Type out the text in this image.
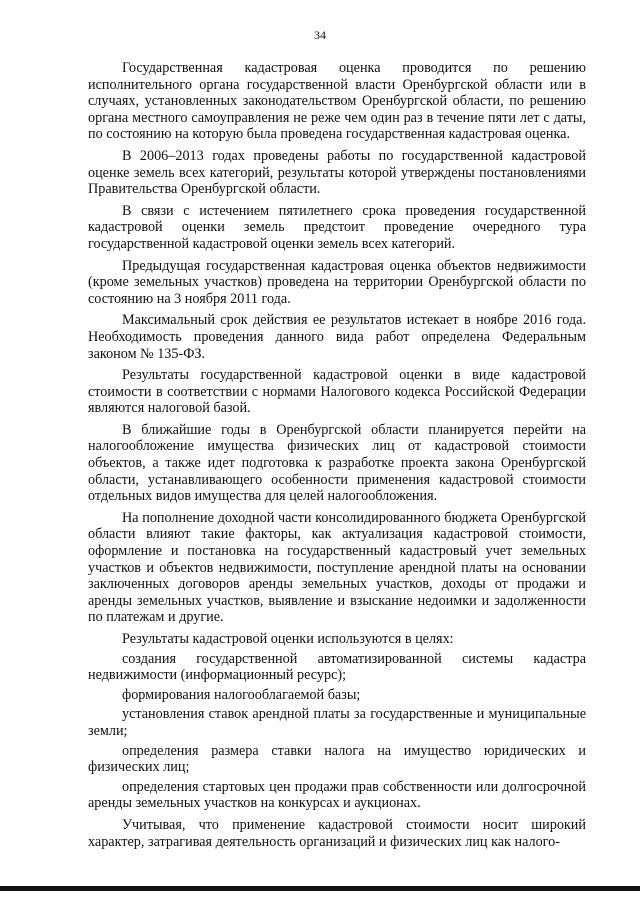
34

Государственная кадастровая оценка проводится по решению исполнительного органа государственной власти Оренбургской области или в случаях, установленных законодательством Оренбургской области, по решению органа местного самоуправления не реже чем один раз в течение пяти лет с даты, по состоянию на которую была проведена государственная кадастровая оценка.

В 2006–2013 годах проведены работы по государственной кадастровой оценке земель всех категорий, результаты которой утверждены постановлениями Правительства Оренбургской области.

В связи с истечением пятилетнего срока проведения государственной кадастровой оценки земель предстоит проведение очередного тура государственной кадастровой оценки земель всех категорий.

Предыдущая государственная кадастровая оценка объектов недвижимости (кроме земельных участков) проведена на территории Оренбургской области по состоянию на 3 ноября 2011 года.

Максимальный срок действия ее результатов истекает в ноябре 2016 года. Необходимость проведения данного вида работ определена Федеральным законом № 135-ФЗ.

Результаты государственной кадастровой оценки в виде кадастровой стоимости в соответствии с нормами Налогового кодекса Российской Федерации являются налоговой базой.

В ближайшие годы в Оренбургской области планируется перейти на налогообложение имущества физических лиц от кадастровой стоимости объектов, а также идет подготовка к разработке проекта закона Оренбургской области, устанавливающего особенности применения кадастровой стоимости отдельных видов имущества для целей налогообложения.

На пополнение доходной части консолидированного бюджета Оренбургской области влияют такие факторы, как актуализация кадастровой стоимости, оформление и постановка на государственный кадастровый учет земельных участков и объектов недвижимости, поступление арендной платы на основании заключенных договоров аренды земельных участков, доходы от продажи и аренды земельных участков, выявление и взыскание недоимки и задолженности по платежам и другие.

Результаты кадастровой оценки используются в целях:

создания государственной автоматизированной системы кадастра недвижимости (информационный ресурс);

формирования налогооблагаемой базы;

установления ставок арендной платы за государственные и муниципальные земли;

определения размера ставки налога на имущество юридических и физических лиц;

определения стартовых цен продажи прав собственности или долгосрочной аренды земельных участков на конкурсах и аукционах.

Учитывая, что применение кадастровой стоимости носит широкий характер, затрагивая деятельность организаций и физических лиц как налого-
